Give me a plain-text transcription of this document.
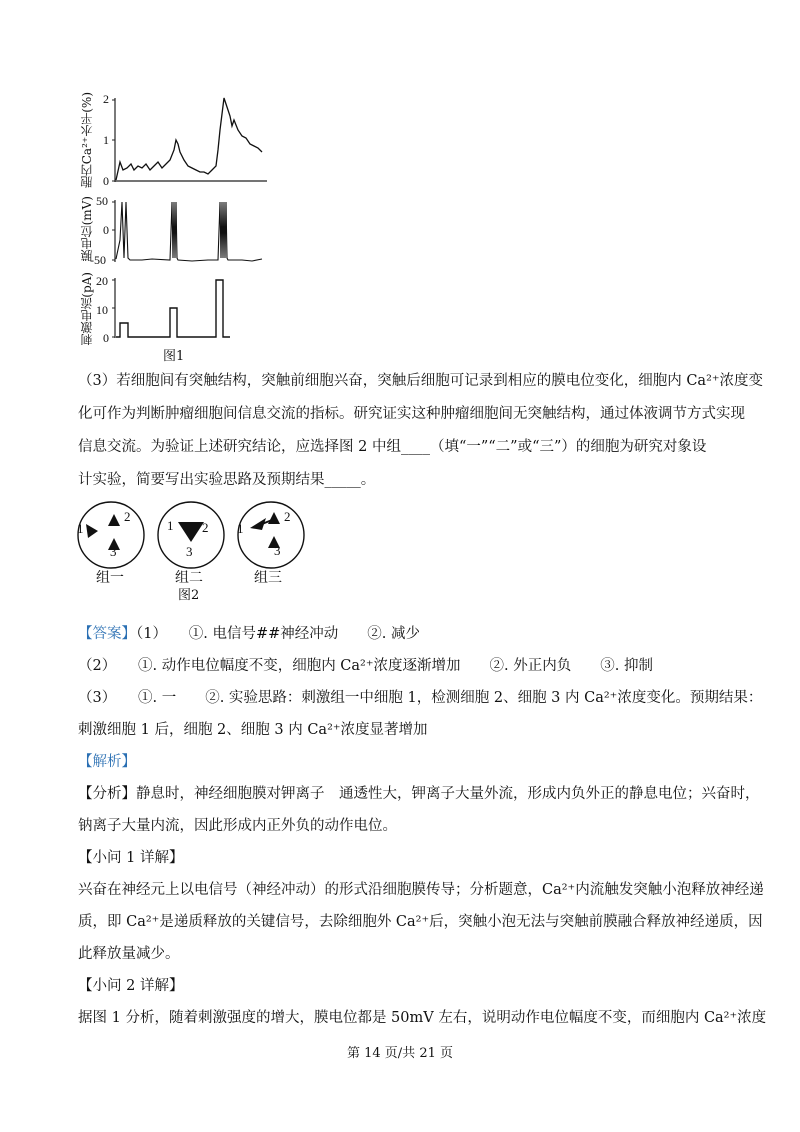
胞内Ca²⁺水平(%)
膜电位(mV)
刺激电流(pA)
2
1
0
50
0
-50
20
10
0
图1
（3）若细胞间有突触结构，突触前细胞兴奋，突触后细胞可记录到相应的膜电位变化，细胞内 Ca²⁺浓度变
化可作为判断肿瘤细胞间信息交流的指标。研究证实这种肿瘤细胞间无突触结构，通过体液调节方式实现
信息交流。为验证上述研究结论，应选择图 2 中组____（填“一”“二”或“三”）的细胞为研究对象设
计实验，简要写出实验思路及预期结果_____。
1
2
3
1 2
3
1
2
3
组一	组二	组三
图2
【答案】（1）　　①. 电信号##神经冲动　　②. 减少
（2）　　①. 动作电位幅度不变，细胞内 Ca²⁺浓度逐渐增加　　②. 外正内负　　③. 抑制
（3）　　①. 一　　②. 实验思路：刺激组一中细胞 1，检测细胞 2、细胞 3 内 Ca²⁺浓度变化。预期结果：
刺激细胞 1 后，细胞 2、细胞 3 内 Ca²⁺浓度显著增加
【解析】
【分析】静息时，神经细胞膜对钾离子　通透性大，钾离子大量外流，形成内负外正的静息电位；兴奋时，
钠离子大量内流，因此形成内正外负的动作电位。
【小问 1 详解】
兴奋在神经元上以电信号（神经冲动）的形式沿细胞膜传导；分析题意，Ca²⁺内流触发突触小泡释放神经递
质，即 Ca²⁺是递质释放的关键信号，去除细胞外 Ca²⁺后，突触小泡无法与突触前膜融合释放神经递质，因
此释放量减少。
【小问 2 详解】
据图 1 分析，随着刺激强度的增大，膜电位都是 50mV 左右，说明动作电位幅度不变，而细胞内 Ca²⁺浓度
第 14 页/共 21 页
